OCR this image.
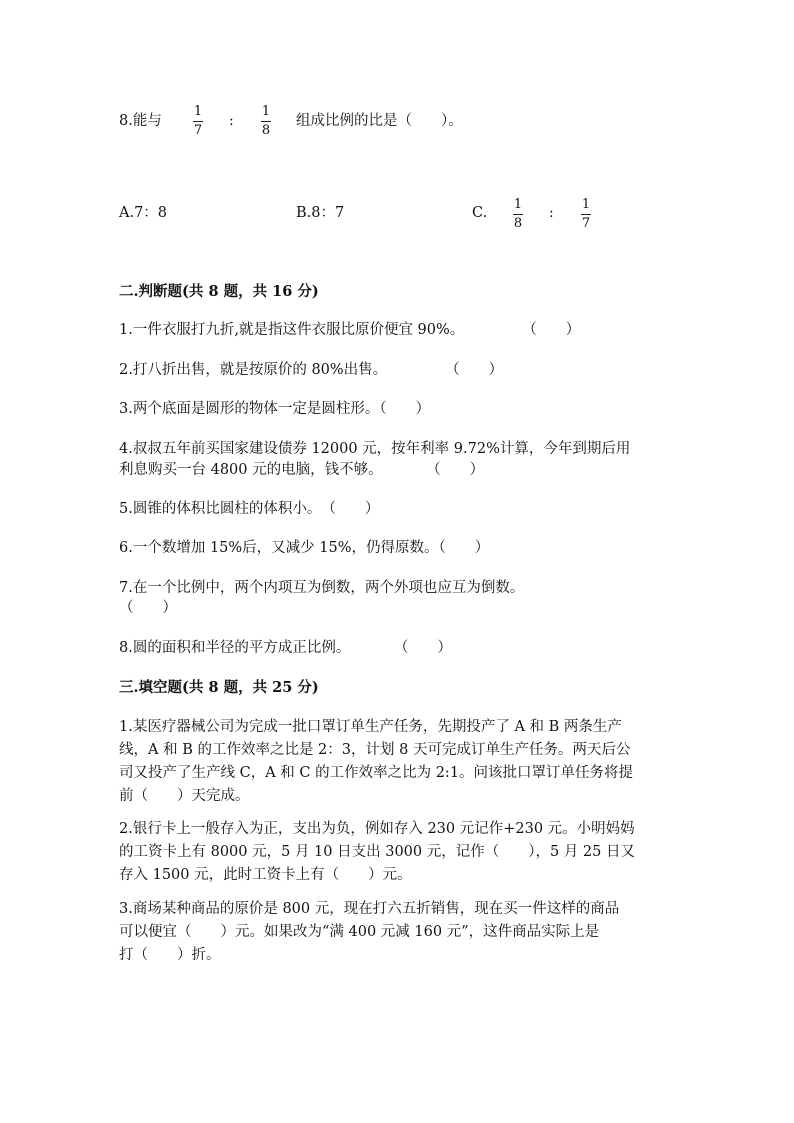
8.能与
1
7
:
1
8
组成比例的比是（　　）。
A.7：8	B.8：7	C.
1
8
:
1
7
二.判断题(共 8 题，共 16 分)
1.一件衣服打九折,就是指这件衣服比原价便宜 90%。　　　　　（　　）
2.打八折出售，就是按原价的 80%出售。　　　　　（　　）
3.两个底面是圆形的物体一定是圆柱形。（　　）
4.叔叔五年前买国家建设债券 12000 元，按年利率 9.72%计算，今年到期后用
利息购买一台 4800 元的电脑，钱不够。　　　　（　　）
5.圆锥的体积比圆柱的体积小。　（　　）
6.一个数增加 15%后，又减少 15%，仍得原数。（　　）
7.在一个比例中，两个内项互为倒数，两个外项也应互为倒数。
（　　）
8.圆的面积和半径的平方成正比例。　　　　（　　）
三.填空题(共 8 题，共 25 分)
1.某医疗器械公司为完成一批口罩订单生产任务，先期投产了 A 和 B 两条生产
线，A 和 B 的工作效率之比是 2：3，计划 8 天可完成订单生产任务。两天后公
司又投产了生产线 C，A 和 C 的工作效率之比为 2:1。问该批口罩订单任务将提
前（　　）天完成。
2.银行卡上一般存入为正，支出为负，例如存入 230 元记作+230 元。小明妈妈
的工资卡上有 8000 元，5 月 10 日支出 3000 元，记作（　　），5 月 25 日又
存入 1500 元，此时工资卡上有（　　）元。
3.商场某种商品的原价是 800 元，现在打六五折销售，现在买一件这样的商品
可以便宜（　　）元。如果改为“满 400 元减 160 元”，这件商品实际上是
打（　　）折。
